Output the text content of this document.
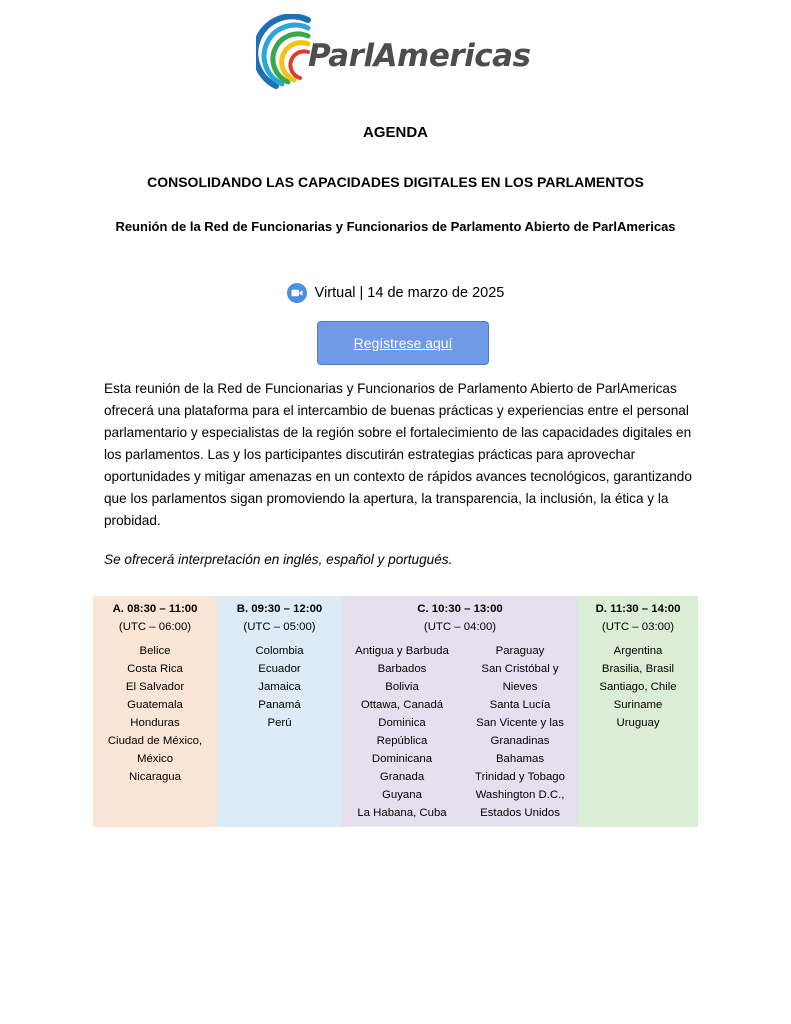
ParlAmericas
AGENDA
CONSOLIDANDO LAS CAPACIDADES DIGITALES EN LOS PARLAMENTOS
Reunión de la Red de Funcionarias y Funcionarios de Parlamento Abierto de ParlAmericas
Virtual | 14 de marzo de 2025
Regístrese aquí

Esta reunión de la Red de Funcionarias y Funcionarios de Parlamento Abierto de ParlAmericas ofrecerá una plataforma para el intercambio de buenas prácticas y experiencias entre el personal parlamentario y especialistas de la región sobre el fortalecimiento de las capacidades digitales en los parlamentos. Las y los participantes discutirán estrategias prácticas para aprovechar oportunidades y mitigar amenazas en un contexto de rápidos avances tecnológicos, garantizando que los parlamentos sigan promoviendo la apertura, la transparencia, la inclusión, la ética y la probidad.

Se ofrecerá interpretación en inglés, español y portugués.

A. 08:30 – 11:00
(UTC – 06:00)
Belice
Costa Rica
El Salvador
Guatemala
Honduras
Ciudad de México,
México
Nicaragua
B. 09:30 – 12:00
(UTC – 05:00)
Colombia
Ecuador
Jamaica
Panamá
Perú
C. 10:30 – 13:00
(UTC – 04:00)
Antigua y Barbuda
Barbados
Bolivia
Ottawa, Canadá
Dominica
República
Dominicana
Granada
Guyana
La Habana, Cuba
Paraguay
San Cristóbal y
Nieves
Santa Lucía
San Vicente y las
Granadinas
Bahamas
Trinidad y Tobago
Washington D.C.,
Estados Unidos
D. 11:30 – 14:00
(UTC – 03:00)
Argentina
Brasilia, Brasil
Santiago, Chile
Suriname
Uruguay
